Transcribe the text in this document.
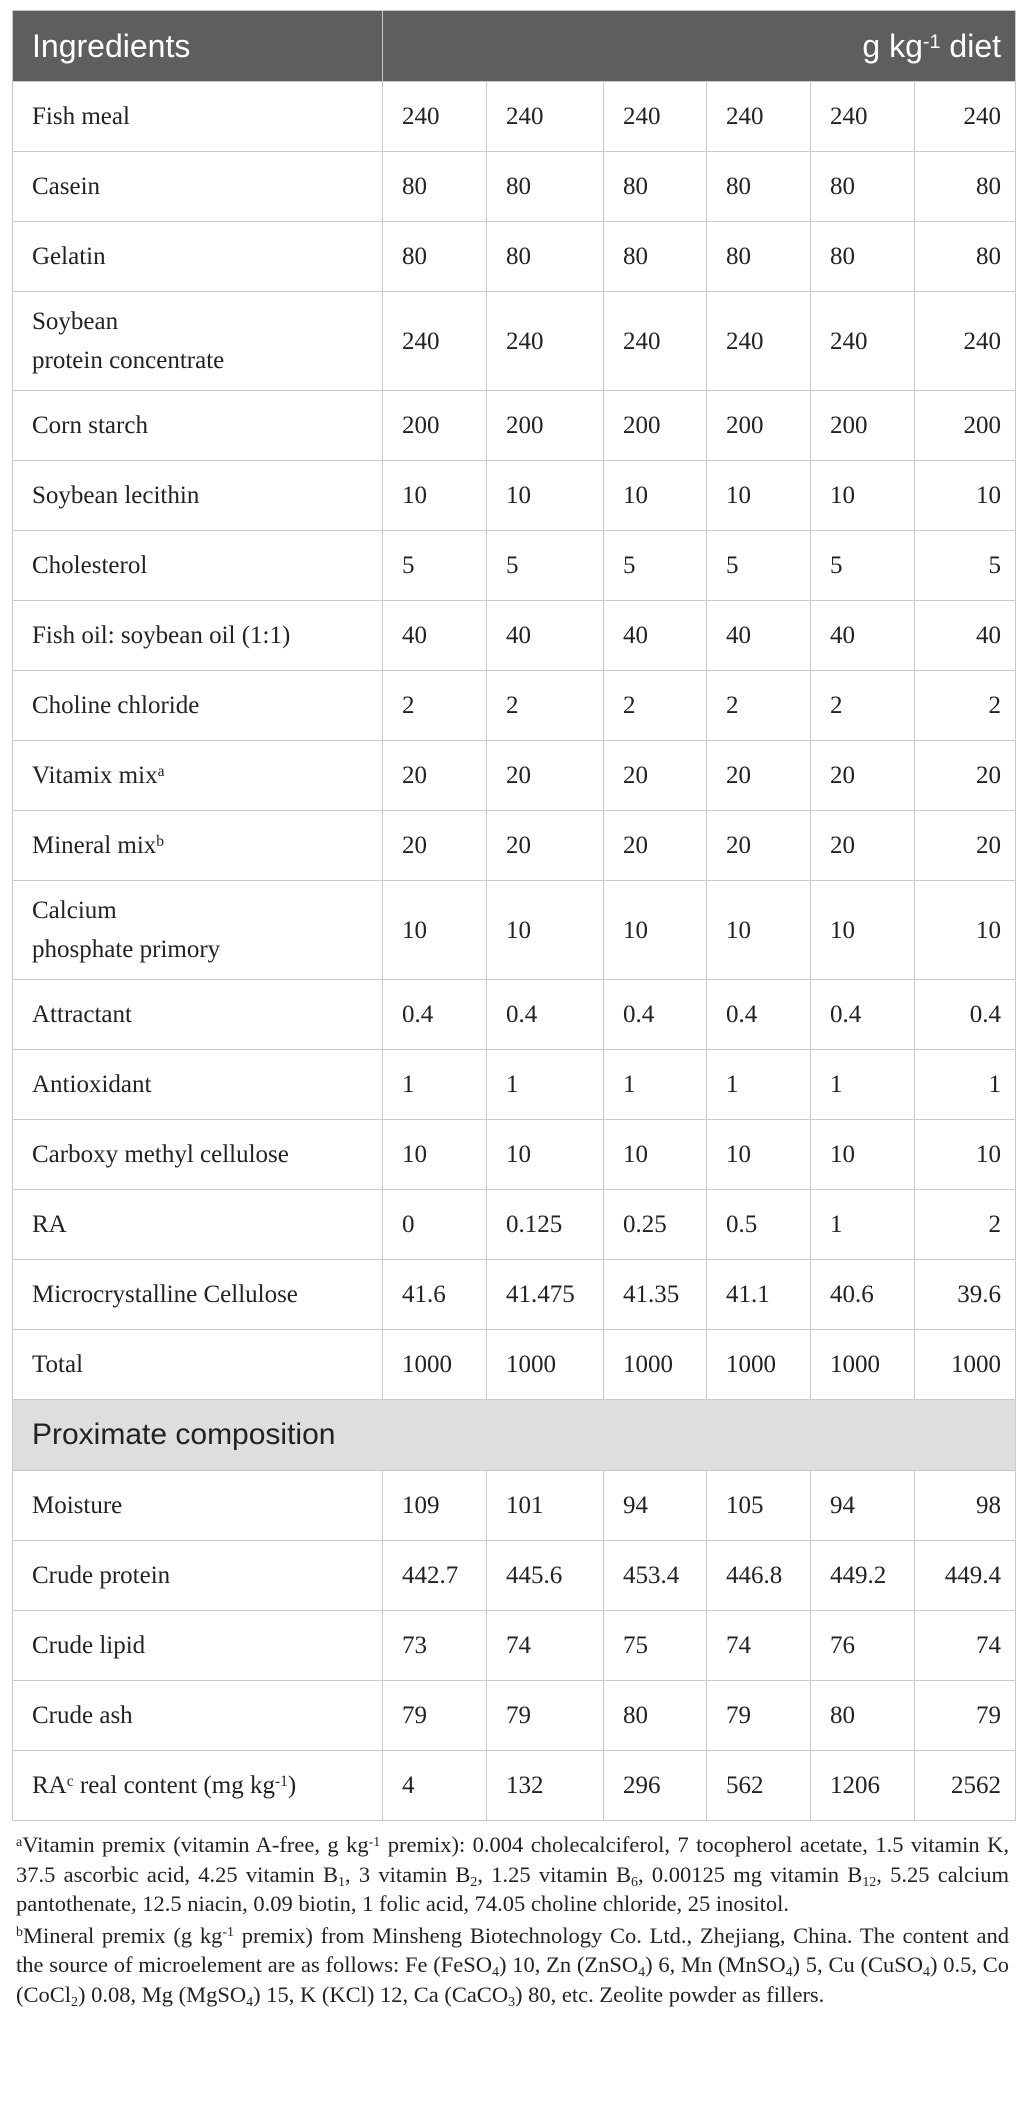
Ingredients	g $kg^{-1}$ diet					
Fish meal	240	240	240	240	240	240
Casein	80	80	80	80	80	80
Gelatin	80	80	80	80	80	80
Soybean
protein concentrate	240	240	240	240	240	240
Corn starch	200	200	200	200	200	200
Soybean lecithin	10	10	10	10	10	10
Cholesterol	5	5	5	5	5	5
Fish oil: soybean oil (1:1)	40	40	40	40	40	40
Choline chloride	2	2	2	2	2	2
Vitamix mix$^a$	20	20	20	20	20	20
Mineral mix$^b$	20	20	20	20	20	20
Calcium
phosphate primory	10	10	10	10	10	10
Attractant	0.4	0.4	0.4	0.4	0.4	0.4
Antioxidant	1	1	1	1	1	1
Carboxy methyl cellulose	10	10	10	10	10	10
RA	0	0.125	0.25	0.5	1	2
Microcrystalline Cellulose	41.6	41.475	41.35	41.1	40.6	39.6
Total	1000	1000	1000	1000	1000	1000
Proximate composition						
Moisture	109	101	94	105	94	98
Crude protein	442.7	445.6	453.4	446.8	449.2	449.4
Crude lipid	73	74	75	74	76	74
Crude ash	79	79	80	79	80	79
$RA^c$ real content (mg $kg^{-1}$)	4	132	296	562	1206	2562

$^a$Vitamin premix (vitamin A-free, g $kg^{-1}$ premix): 0.004 cholecalciferol, 7 tocopherol acetate, 1.5 vitamin K, 37.5 ascorbic acid, 4.25 vitamin $B_1$, 3 vitamin $B_2$, 1.25 vitamin $B_6$, 0.00125 mg vitamin $B_{12}$, 5.25 calcium pantothenate, 12.5 niacin, 0.09 biotin, 1 folic acid, 74.05 choline chloride, 25 inositol.

$^b$Mineral premix (g $kg^{-1}$ premix) from Minsheng Biotechnology Co. Ltd., Zhejiang, China. The content and the source of microelement are as follows: Fe (FeSO$_4$) 10, Zn (ZnSO$_4$) 6, Mn (MnSO$_4$) 5, Cu (CuSO$_4$) 0.5, Co (CoCl$_2$) 0.08, Mg (MgSO$_4$) 15, K (KCl) 12, Ca (CaCO$_3$) 80, etc. Zeolite powder as fillers.
